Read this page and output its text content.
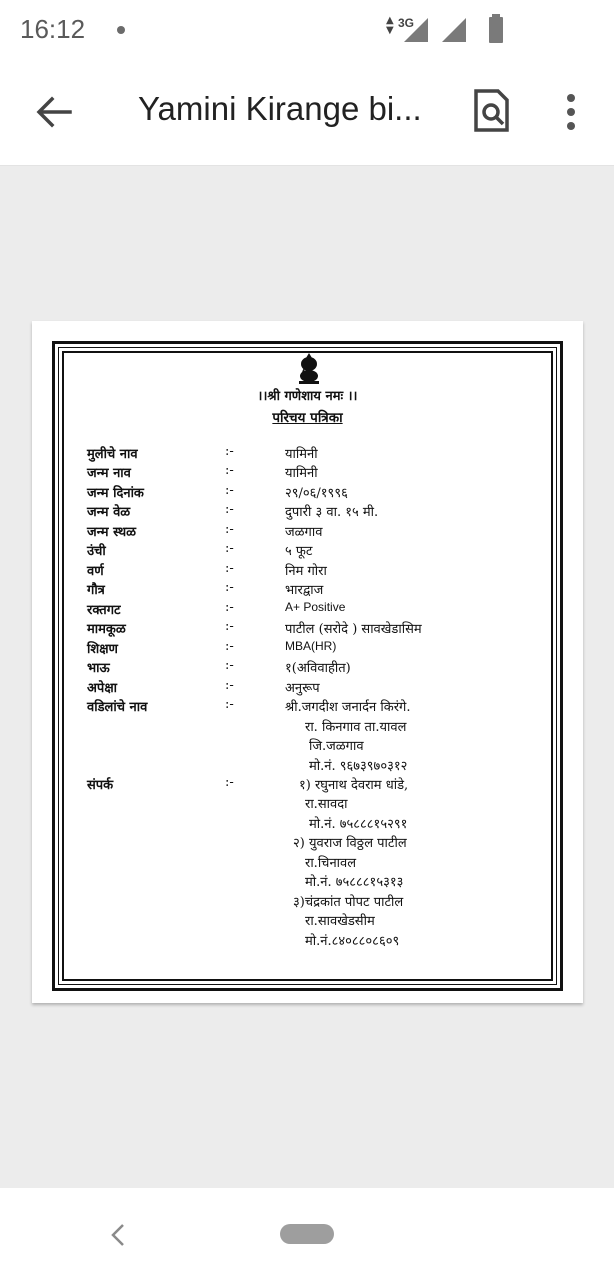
16:12	▲
▼
3G
Yamini Kirange bi...
।।श्री गणेशाय नमः ।।
परिचय पत्रिका
मुलीचे नाव	:-	यामिनी
जन्म नाव	:-	यामिनी
जन्म दिनांक	:-	२९/०६/१९९६
जन्म वेळ	:-	दुपारी ३ वा. १५ मी.
जन्म स्थळ	:-	जळगाव
उंची	:-	५ फूट
वर्ण	:-	निम गोरा
गौत्र	:-	भारद्वाज
रक्तगट	:-	A+ Positive
मामकूळ	:-	पाटील (सरोदे ) सावखेडासिम
शिक्षण	:-	MBA(HR)
भाऊ	:-	१(अविवाहीत)
अपेक्षा	:-	अनुरूप
वडिलांचे नाव	:-	श्री.जगदीश जनार्दन किरंगे.
रा. किनगाव ता.यावल
जि.जळगाव
मो.नं. ९६७३९७०३१२
संपर्क	:-	१) रघुनाथ देवराम धांडे,
रा.सावदा
मो.नं. ७५८८८१५२९१
२) युवराज विठ्ठल पाटील
रा.चिनावल
मो.नं. ७५८८८१५३१३
३)चंद्रकांत पोपट पाटील
रा.सावखेडसीम
मो.नं.८४०८८०८६०९
